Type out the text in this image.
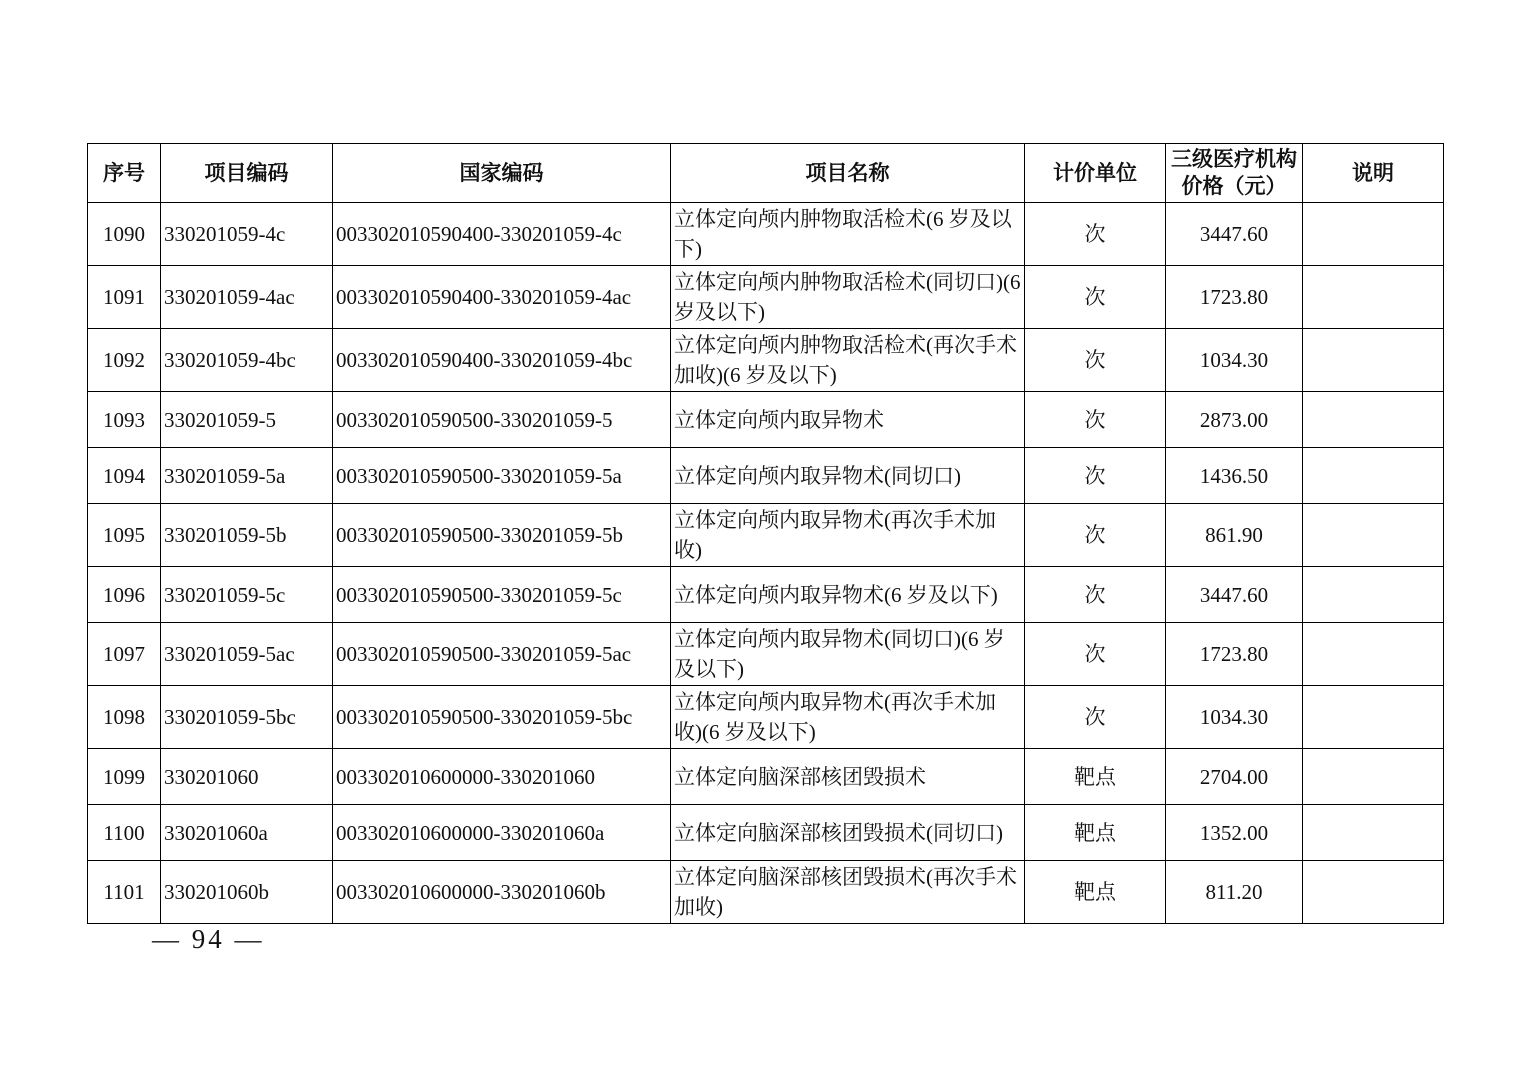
序号	项目编码	国家编码	项目名称	计价单位	三级医疗机构价格（元）	说明
1090	330201059-4c	003302010590400-330201059-4c	立体定向颅内肿物取活检术(6 岁及以下)	次	3447.60	
1091	330201059-4ac	003302010590400-330201059-4ac	立体定向颅内肿物取活检术(同切口)(6 岁及以下)	次	1723.80	
1092	330201059-4bc	003302010590400-330201059-4bc	立体定向颅内肿物取活检术(再次手术加收)(6 岁及以下)	次	1034.30	
1093	330201059-5	003302010590500-330201059-5	立体定向颅内取异物术	次	2873.00	
1094	330201059-5a	003302010590500-330201059-5a	立体定向颅内取异物术(同切口)	次	1436.50	
1095	330201059-5b	003302010590500-330201059-5b	立体定向颅内取异物术(再次手术加收)	次	861.90	
1096	330201059-5c	003302010590500-330201059-5c	立体定向颅内取异物术(6 岁及以下)	次	3447.60	
1097	330201059-5ac	003302010590500-330201059-5ac	立体定向颅内取异物术(同切口)(6 岁及以下)	次	1723.80	
1098	330201059-5bc	003302010590500-330201059-5bc	立体定向颅内取异物术(再次手术加收)(6 岁及以下)	次	1034.30	
1099	330201060	003302010600000-330201060	立体定向脑深部核团毁损术	靶点	2704.00	
1100	330201060a	003302010600000-330201060a	立体定向脑深部核团毁损术(同切口)	靶点	1352.00	
1101	330201060b	003302010600000-330201060b	立体定向脑深部核团毁损术(再次手术加收)	靶点	811.20	
— 94 —
